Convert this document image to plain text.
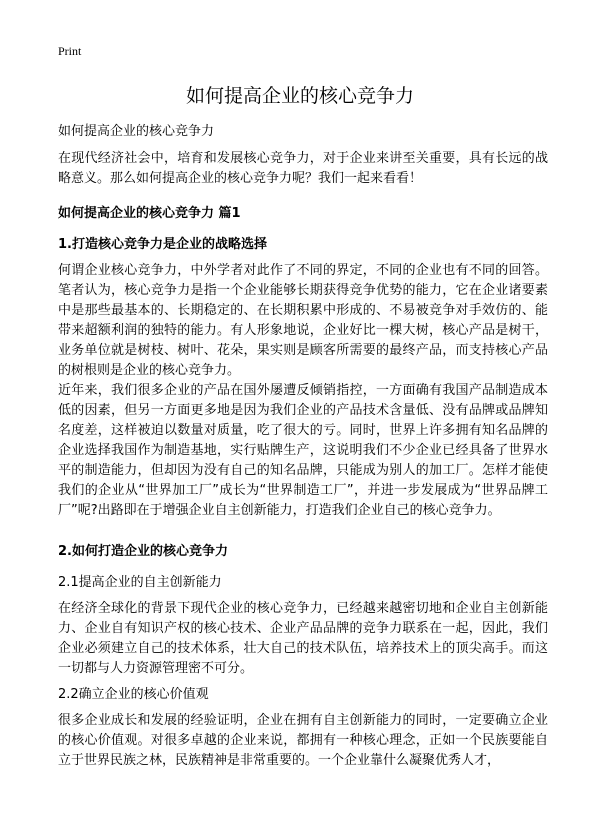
Print
如何提高企业的核心竞争力

如何提高企业的核心竞争力

在现代经济社会中，培育和发展核心竞争力，对于企业来讲至关重要，具有长远的战略意义。那么如何提高企业的核心竞争力呢？我们一起来看看！

如何提高企业的核心竞争力 篇1
1.打造核心竞争力是企业的战略选择

何谓企业核心竞争力，中外学者对此作了不同的界定，不同的企业也有不同的回答。笔者认为，核心竞争力是指一个企业能够长期获得竞争优势的能力，它在企业诸要素中是那些最基本的、长期稳定的、在长期积累中形成的、不易被竞争对手效仿的、能带来超额利润的独特的能力。有人形象地说，企业好比一棵大树，核心产品是树干，业务单位就是树枝、树叶、花朵，果实则是顾客所需要的最终产品，而支持核心产品的树根则是企业的核心竞争力。

近年来，我们很多企业的产品在国外屡遭反倾销指控，一方面确有我国产品制造成本低的因素，但另一方面更多地是因为我们企业的产品技术含量低、没有品牌或品牌知名度差，这样被迫以数量对质量，吃了很大的亏。同时，世界上许多拥有知名品牌的企业选择我国作为制造基地，实行贴牌生产，这说明我们不少企业已经具备了世界水平的制造能力，但却因为没有自己的知名品牌，只能成为别人的加工厂。怎样才能使我们的企业从“世界加工厂”成长为“世界制造工厂”，并进一步发展成为“世界品牌工厂”呢?出路即在于增强企业自主创新能力，打造我们企业自己的核心竞争力。

2.如何打造企业的核心竞争力
2.1提高企业的自主创新能力

在经济全球化的背景下现代企业的核心竞争力，已经越来越密切地和企业自主创新能力、企业自有知识产权的核心技术、企业产品品牌的竞争力联系在一起，因此，我们企业必须建立自己的技术体系，壮大自己的技术队伍，培养技术上的顶尖高手。而这一切都与人力资源管理密不可分。

2.2确立企业的核心价值观

很多企业成长和发展的经验证明，企业在拥有自主创新能力的同时，一定要确立企业的核心价值观。对很多卓越的企业来说，都拥有一种核心理念，正如一个民族要能自立于世界民族之林，民族精神是非常重要的。一个企业靠什么凝聚优秀人才，
